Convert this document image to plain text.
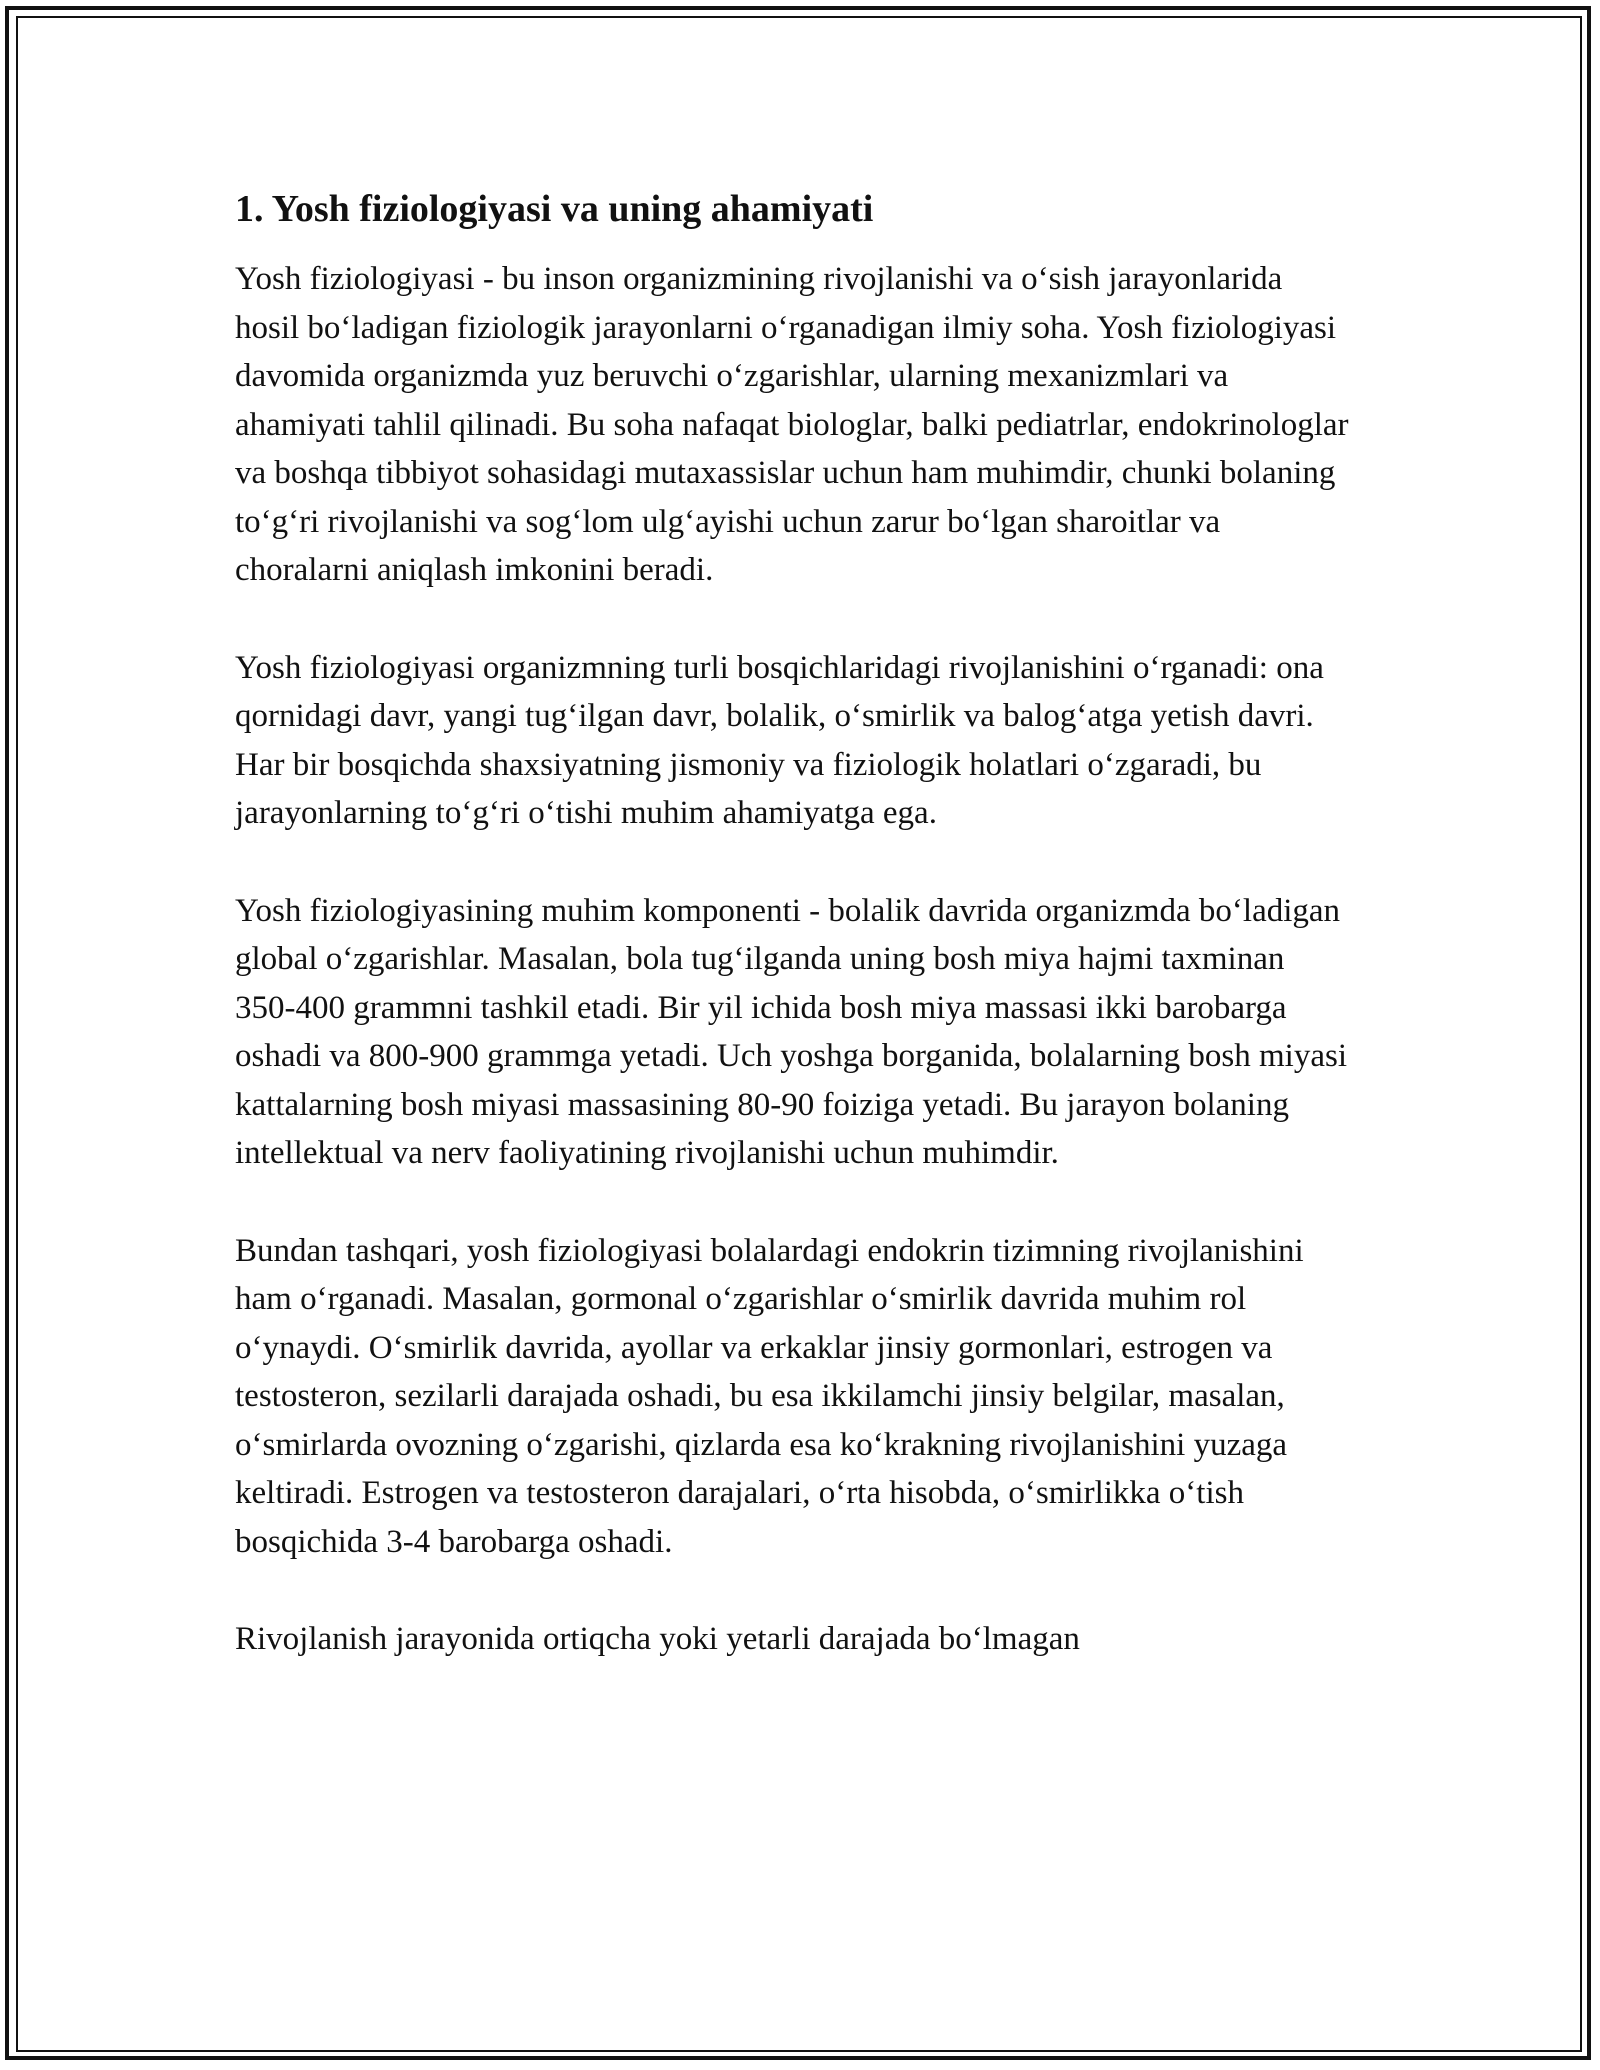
1. Yosh fiziologiyasi va uning ahamiyati

Yosh fiziologiyasi - bu inson organizmining rivojlanishi va o‘sish jarayonlarida hosil bo‘ladigan fiziologik jarayonlarni o‘rganadigan ilmiy soha. Yosh fiziologiyasi davomida organizmda yuz beruvchi o‘zgarishlar, ularning mexanizmlari va ahamiyati tahlil qilinadi. Bu soha nafaqat biologlar, balki pediatrlar, endokrinologlar va boshqa tibbiyot sohasidagi mutaxassislar uchun ham muhimdir, chunki bolaning to‘g‘ri rivojlanishi va sog‘lom ulg‘ayishi uchun zarur bo‘lgan sharoitlar va choralarni aniqlash imkonini beradi.

Yosh fiziologiyasi organizmning turli bosqichlaridagi rivojlanishini o‘rganadi: ona qornidagi davr, yangi tug‘ilgan davr, bolalik, o‘smirlik va balog‘atga yetish davri. Har bir bosqichda shaxsiyatning jismoniy va fiziologik holatlari o‘zgaradi, bu jarayonlarning to‘g‘ri o‘tishi muhim ahamiyatga ega.

Yosh fiziologiyasining muhim komponenti - bolalik davrida organizmda bo‘ladigan global o‘zgarishlar. Masalan, bola tug‘ilganda uning bosh miya hajmi taxminan 350-400 grammni tashkil etadi. Bir yil ichida bosh miya massasi ikki barobarga oshadi va 800-900 grammga yetadi. Uch yoshga borganida, bolalarning bosh miyasi kattalarning bosh miyasi massasining 80-90 foiziga yetadi. Bu jarayon bolaning intellektual va nerv faoliyatining rivojlanishi uchun muhimdir.

Bundan tashqari, yosh fiziologiyasi bolalardagi endokrin tizimning rivojlanishini ham o‘rganadi. Masalan, gormonal o‘zgarishlar o‘smirlik davrida muhim rol o‘ynaydi. O‘smirlik davrida, ayollar va erkaklar jinsiy gormonlari, estrogen va testosteron, sezilarli darajada oshadi, bu esa ikkilamchi jinsiy belgilar, masalan, o‘smirlarda ovozning o‘zgarishi, qizlarda esa ko‘krakning rivojlanishini yuzaga keltiradi. Estrogen va testosteron darajalari, o‘rta hisobda, o‘smirlikka o‘tish bosqichida 3-4 barobarga oshadi.

Rivojlanish jarayonida ortiqcha yoki yetarli darajada bo‘lmagan
